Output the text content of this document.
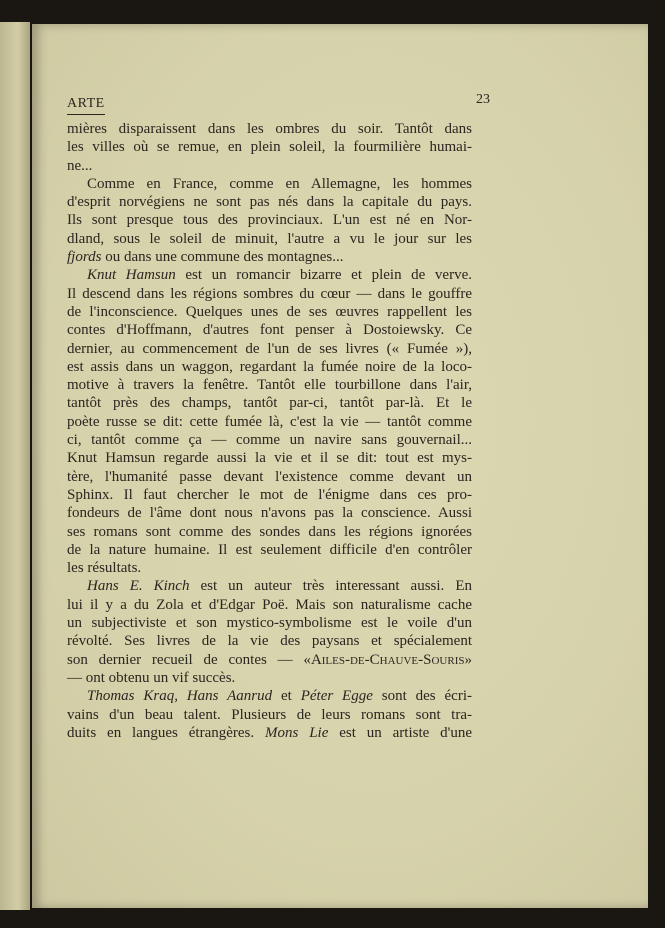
ARTE	23
mières disparaissent dans les ombres du soir. Tantôt dans
les villes où se remue, en plein soleil, la fourmilière humai-
ne...
Comme en France, comme en Allemagne, les hommes
d'esprit norvégiens ne sont pas nés dans la capitale du pays.
Ils sont presque tous des provinciaux. L'un est né en Nor-
dland, sous le soleil de minuit, l'autre a vu le jour sur les
fjords ou dans une commune des montagnes...
Knut Hamsun est un romancir bizarre et plein de verve.
Il descend dans les régions sombres du cœur — dans le gouffre
de l'inconscience. Quelques unes de ses œuvres rappellent les
contes d'Hoffmann, d'autres font penser à Dostoiewsky. Ce
dernier, au commencement de l'un de ses livres (« Fumée »),
est assis dans un waggon, regardant la fumée noire de la loco-
motive à travers la fenêtre. Tantôt elle tourbillone dans l'air,
tantôt près des champs, tantôt par-ci, tantôt par-là. Et le
poète russe se dit: cette fumée là, c'est la vie — tantôt comme
ci, tantôt comme ça — comme un navire sans gouvernail...
Knut Hamsun regarde aussi la vie et il se dit: tout est mys-
tère, l'humanité passe devant l'existence comme devant un
Sphinx. Il faut chercher le mot de l'énigme dans ces pro-
fondeurs de l'âme dont nous n'avons pas la conscience. Aussi
ses romans sont comme des sondes dans les régions ignorées
de la nature humaine. Il est seulement difficile d'en contrôler
les résultats.
Hans E. Kinch est un auteur très interessant aussi. En
lui il y a du Zola et d'Edgar Poë. Mais son naturalisme cache
un subjectiviste et son mystico-symbolisme est le voile d'un
révolté. Ses livres de la vie des paysans et spécialement
son dernier recueil de contes — «Ailes-de-Chauve-Souris»
— ont obtenu un vif succès.
Thomas Kraq, Hans Aanrud et Péter Egge sont des écri-
vains d'un beau talent. Plusieurs de leurs romans sont tra-
duits en langues étrangères. Mons Lie est un artiste d'une
